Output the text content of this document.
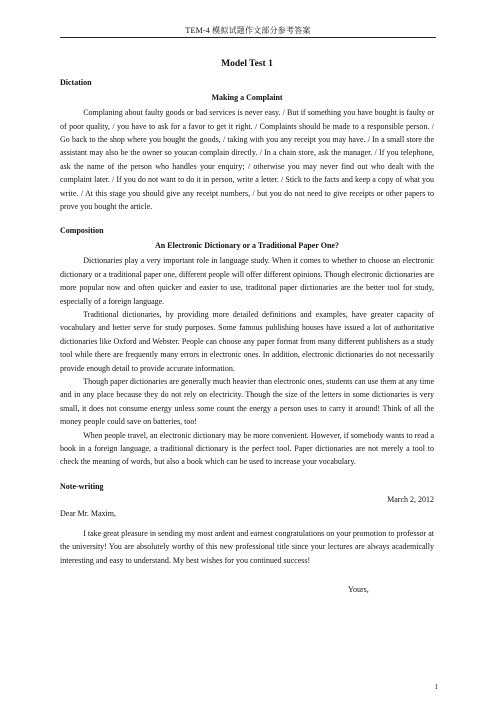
TEM-4 模拟试题作文部分参考答案

Model Test 1

Dictation

Making a Complaint

Complaning about faulty goods or bad services is never easy. / But if something you have bought is faulty or of poor quality, / you have to ask for a favor to get it right. / Complaints should be made to a responsible person. / Go back to the shop where you bought the goods, / taking with you any receipt you may have. / In a small store the assistant may also be the owner so youcan complain directly. / In a chain store, ask the manager. / If you telephone, ask the name of the person who handles your enquiry; / otherwise you may never find out who dealt with the complaint later. / If you do not want to do it in person, write a letter. / Stick to the facts and keep a copy of what you write. / At this stage you should give any receipt numbers, / but you do not need to give receipts or other papers to prove you bought the article.

Composition

An Electronic Dictionary or a Traditional Paper One?

Dictionaries play a very important role in language study. When it comes to whether to choose an electronic dictionary or a traditional paper one, different people will offer different opinions. Though electronic dictionaries are more popular now and often quicker and easier to use, traditonal paper dictionaries are the better tool for study, especially of a foreign language.

Traditional dictionaries, by providing more detailed definitions and examples, have greater capacity of vocabulary and better serve for study purposes. Some famous publishing houses have issued a lot of authoritative dictionaries like Oxford and Webster. People can choose any paper format from many different publishers as a study tool while there are frequently many errors in electronic ones. In addition, electronic dictionaries do not necessarily provide enough detail to provide accurate information.

Though paper dictionaries are generally much heavier than electronic ones, students can use them at any time and in any place because they do not rely on electricity. Though the size of the letters in some dictionaries is very small, it does not consume energy unless some count the energy a person uses to carry it around! Think of all the money people could save on batteries, too!

When people travel, an electronic dictionary may be more convenient. However, if somebody wants to read a book in a foreign language, a traditional dictionary is the perfect tool. Paper dictionaries are not merely a tool to check the meaning of words, but also a book which can be used to increase your vocabulary.

Note-writing

March 2, 2012

Dear Mr. Maxim,

I take great pleasure in sending my most ardent and earnest congratulations on your promotion to professor at the university! You are absolutely worthy of this new professional title since your lectures are always academically interesting and easy to understand. My best wishes for you continued success!

Yours,

1
